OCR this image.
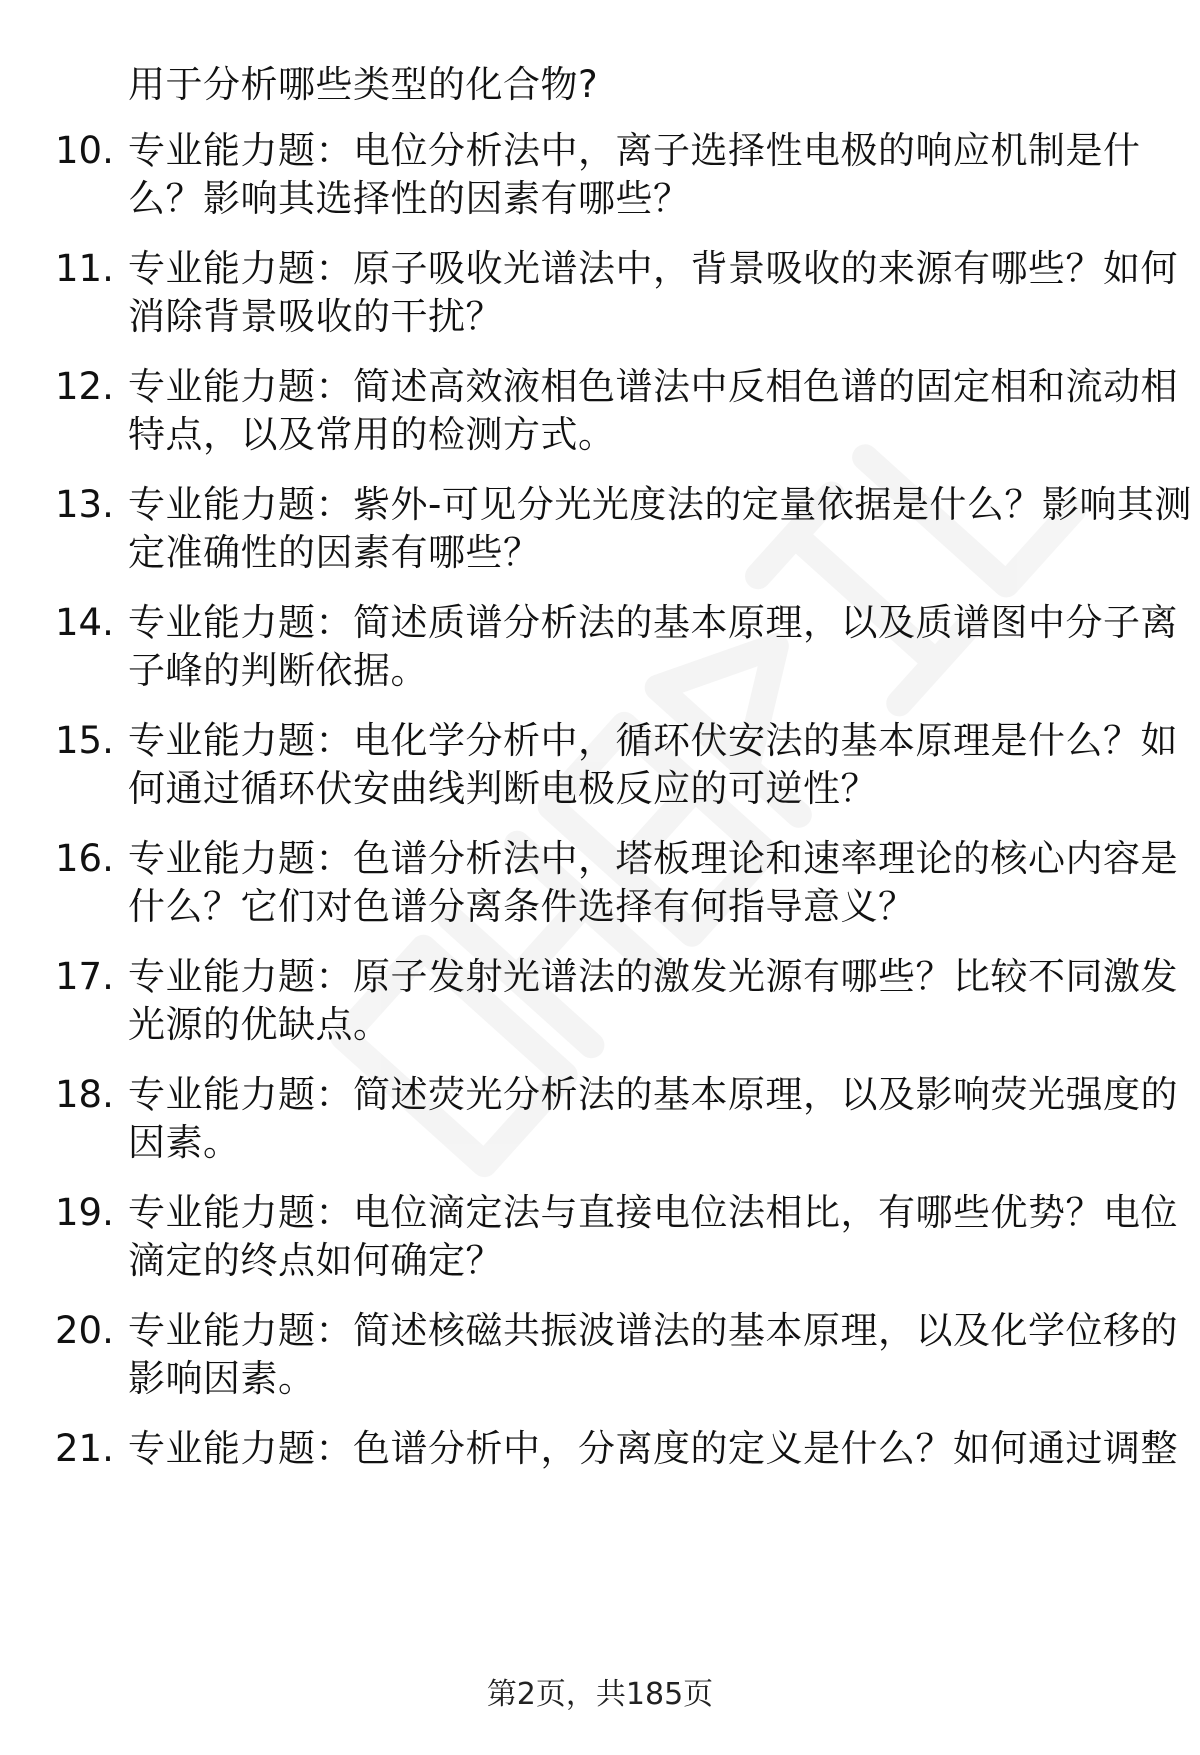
用于分析哪些类型的化合物?
10. 专业能力题：电位分析法中，离子选择性电极的响应机制是什
么？影响其选择性的因素有哪些？
11. 专业能力题：原子吸收光谱法中，背景吸收的来源有哪些？如何
消除背景吸收的干扰？
12. 专业能力题：简述高效液相色谱法中反相色谱的固定相和流动相
特点，以及常用的检测方式。
13. 专业能力题：紫外-可见分光光度法的定量依据是什么？影响其测
定准确性的因素有哪些？
14. 专业能力题：简述质谱分析法的基本原理，以及质谱图中分子离
子峰的判断依据。
15. 专业能力题：电化学分析中，循环伏安法的基本原理是什么？如
何通过循环伏安曲线判断电极反应的可逆性？
16. 专业能力题：色谱分析法中，塔板理论和速率理论的核心内容是
什么？它们对色谱分离条件选择有何指导意义？
17. 专业能力题：原子发射光谱法的激发光源有哪些？比较不同激发
光源的优缺点。
18. 专业能力题：简述荧光分析法的基本原理，以及影响荧光强度的
因素。
19. 专业能力题：电位滴定法与直接电位法相比，有哪些优势？电位
滴定的终点如何确定？
20. 专业能力题：简述核磁共振波谱法的基本原理，以及化学位移的
影响因素。
21. 专业能力题：色谱分析中，分离度的定义是什么？如何通过调整
第2页，共185页
